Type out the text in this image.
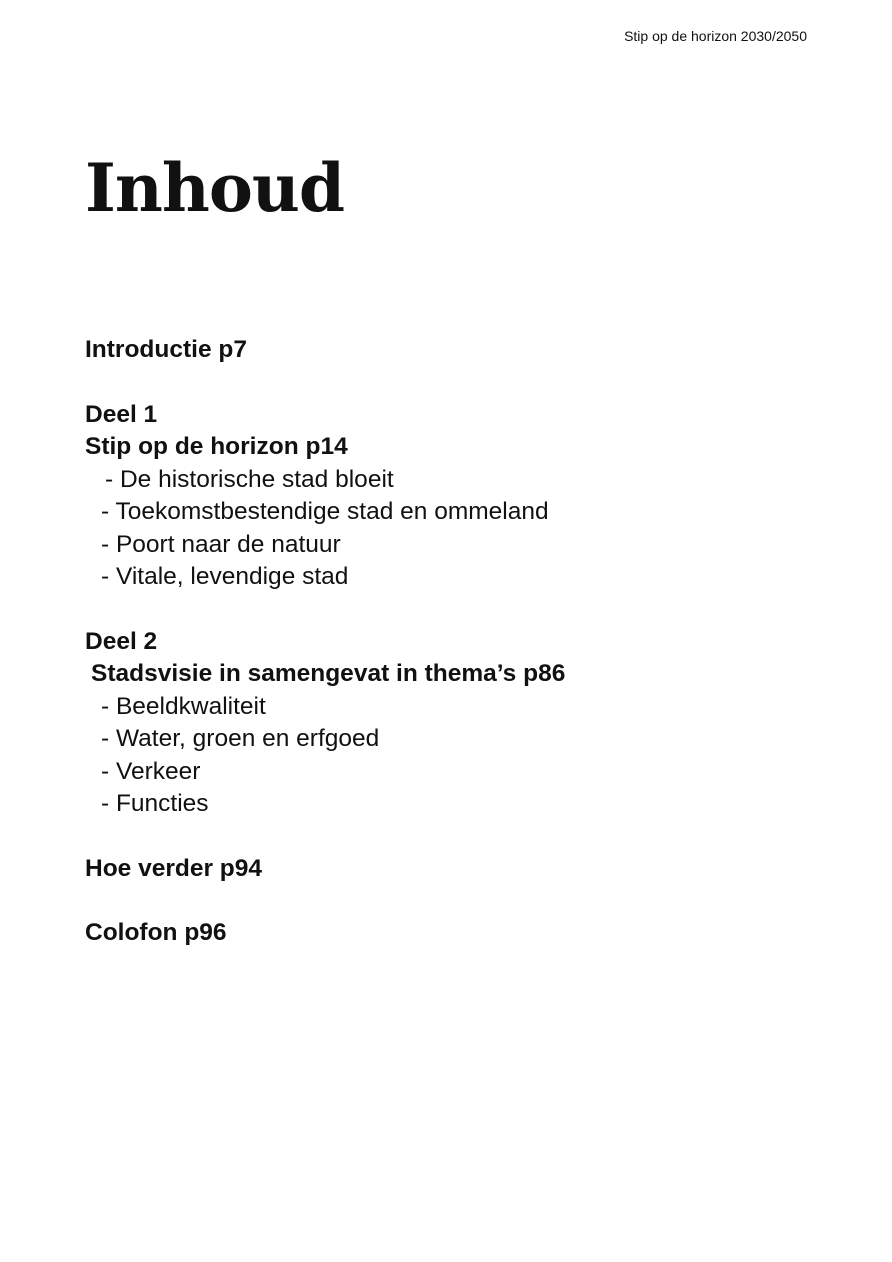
Stip op de horizon 2030/2050
Inhoud
Introductie p7
Deel 1
Stip op de horizon p14
- De historische stad bloeit
- Toekomstbestendige stad en ommeland
- Poort naar de natuur
- Vitale, levendige stad
Deel 2
Stadsvisie in samengevat in thema’s p86
- Beeldkwaliteit
- Water, groen en erfgoed
- Verkeer
- Functies
Hoe verder p94
Colofon p96
